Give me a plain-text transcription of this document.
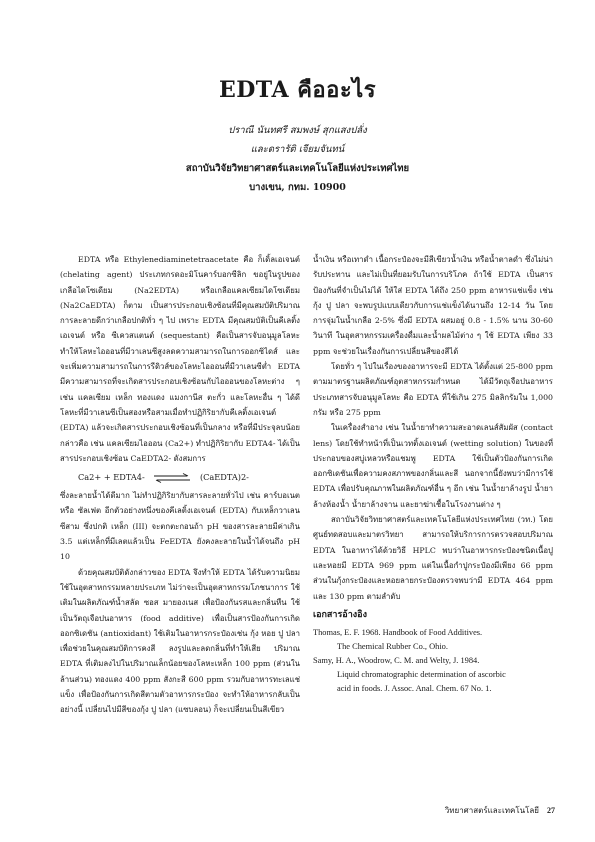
EDTA คืออะไร
ปราณี นันทศรี สมพงษ์ สุกแสงปลั่ง
และดรารัติ เจียมจันทน์
สถาบันวิจัยวิทยาศาสตร์และเทคโนโลยีแห่งประเทศไทย
บางเขน, กทม. 10900

EDTA หรือ Ethylenediaminetetraacetate คือ ก็เดิ้ลเอเจนต์ (chelating agent) ประเภทกรดอะมิโนคาร์บอกซีลิก ขอยู่ในรูปของเกลือไดโซเดียม (Na2EDTA) หรือเกลือแคลเซียมไดโซเดียม (Na2CaEDTA) ก็ตาม เป็นสารประกอบเชิงซ้อนที่มีคุณสมบัติปริมาณการละลายดีกว่าเกลือปกติทั่ว ๆ ไป เพราะ EDTA มีคุณสมบัติเป็นคีเลติ้งเอเจนต์ หรือ ซีเควสแตนต์ (sequestant) คือเป็นสารจับอนุมูลโลหะ ทำให้โลหะไอออนที่มีวาเลนซีสูงลดความสามารถในการออกซิไดส์ และจะเพิ่มความสามารถในการรีดิวส์ของโลหะไอออนที่มีวาเลนซีต่ำ EDTA มีความสามารถที่จะเกิดสารประกอบเชิงซ้อนกับไอออนของโลหะต่าง ๆ เช่น แคลเซียม เหล็ก ทองแดง แมงกานีส ตะกั่ว และโลหะอื่น ๆ ได้ดี โลหะที่มีวาเลนซีเป็นสองหรือสามเมื่อทำปฏิกิริยากับคีเลติ้งเอเจนต์ (EDTA) แล้วจะเกิดสารประกอบเชิงซ้อนที่เป็นกลาง หรือที่มีประจุลบน้อย กล่าวคือ เช่น แคลเซียมไอออน (Ca2+) ทำปฏิกิริยากับ EDTA4- ได้เป็นสารประกอบเชิงซ้อน CaEDTA2- ดังสมการ

Ca2+ + EDTA4-	(CaEDTA)2-

ซึ่งละลายน้ำได้ดีมาก ไม่ทำปฏิกิริยากับสารละลายทั่วไป เช่น คาร์บอเนต หรือ ซัลเฟต อีกตัวอย่างหนึ่งของคีเลติ้งเอเจนต์ (EDTA) กับเหล็กวาเลนซีสาม ซึ่งปกติ เหล็ก (III) จะตกตะกอนถ้า pH ของสารละลายมีค่าเกิน 3.5 แต่เหล็กที่มีเลตแล้วเป็น FeEDTA ยังคงละลายในน้ำได้จนถึง pH 10

ด้วยคุณสมบัติดังกล่าวของ EDTA จึงทำให้ EDTA ได้รับความนิยมใช้ในอุตสาหกรรมหลายประเภท ไม่ว่าจะเป็นอุตสาหกรรมโภชนาการ ใช้เติมในผลิตภัณฑ์น้ำสลัด ซอส มายองเนส เพื่อป้องกันรสและกลิ่นหืน ใช้เป็นวัตถุเจือปนอาหาร (food additive) เพื่อเป็นสารป้องกันการเกิดออกซิเดชัน (antioxidant) ใช้เติมในอาหารกระป๋องเช่น กุ้ง หอย ปู ปลา เพื่อช่วยในคุณสมบัติการคงสี ลงรูปและลดกลิ่นที่ทำให้เสีย ปริมาณ EDTA ที่เติมลงไปในปริมาณเล็กน้อยของโลหะเหล็ก 100 ppm (ส่วนในล้านส่วน) ทองแดง 400 ppm สังกะสี 600 ppm รวมกับอาหารทะเลแช่แข็ง เพื่อป้องกันการเกิดสีตามตัวอาหารกระป๋อง จะทำให้อาหารกลับเป็นอย่างนี้ เปลี่ยนไปมีสีของกุ้ง ปู ปลา (แซบลอน) ก็จะเปลี่ยนเป็นสีเขียว

น้ำเงิน หรือเทาดำ เนื้อกระป๋องจะมีสีเขียวน้ำเงิน หรือน้ำตาลดำ ซึ่งไม่น่ารับประทาน และไม่เป็นที่ยอมรับในการบริโภค ถ้าใช้ EDTA เป็นสารป้องกันที่จำเป็นไม่ได้ ให้ใส่ EDTA ได้ถึง 250 ppm อาหารแช่แข็ง เช่น กุ้ง ปู ปลา จะพบรูปแบบเดียวกับการแช่แข็งได้นานถึง 12-14 วัน โดยการจุ่มในน้ำเกลือ 2-5% ซึ่งมี EDTA ผสมอยู่ 0.8 - 1.5% นาน 30-60 วินาที ในอุตสาหกรรมเครื่องดื่มและน้ำผลไม้ต่าง ๆ ใช้ EDTA เพียง 33 ppm จะช่วยในเรื่องกันการเปลี่ยนสีของสีได้

โดยทั่ว ๆ ไปในเรื่องของอาหารจะมี EDTA ได้ตั้งแต่ 25-800 ppm ตามมาตรฐานผลิตภัณฑ์อุตสาหกรรมกำหนด ได้มีวัตถุเจือปนอาหารประเภทสารจับอนุมูลโลหะ คือ EDTA ที่ใช้เกิน 275 มิลลิกรัมใน 1,000 กรัม หรือ 275 ppm

ในเครื่องสำอาง เช่น ในน้ำยาทำความสะอาดเลนส์สัมผัส (contact lens) โดยใช้ทำหน้าที่เป็นเวทติ้งเอเจนต์ (wetting solution) ในของที่ประกอบของสบู่เหลวหรือแชมพู EDTA ใช้เป็นตัวป้องกันการเกิดออกซิเดชันเพื่อความคงสภาพของกลิ่นและสี นอกจากนี้ยังพบว่ามีการใช้ EDTA เพื่อปรับคุณภาพในผลิตภัณฑ์อื่น ๆ อีก เช่น ในน้ำยาล้างรูป น้ำยาล้างห้องน้ำ น้ำยาล้างจาน และยาฆ่าเชื้อในโรงงานต่าง ๆ

สถาบันวิจัยวิทยาศาสตร์และเทคโนโลยีแห่งประเทศไทย (วท.) โดยศูนย์ทดสอบและมาตรวิทยา สามารถให้บริการการตรวจสอบปริมาณ EDTA ในอาหารได้ด้วยวิธี HPLC พบว่าในอาหารกระป๋องชนิดเนื้อปูและหอยมี EDTA 969 ppm แต่ในเนื้อกำปูกระป๋องมีเพียง 66 ppm ส่วนในกุ้งกระป๋องและหอยลายกระป๋องตรวจพบว่ามี EDTA 464 ppm และ 130 ppm ตามลำดับ

เอกสารอ้างอิง

Thomas, E. F. 1968. Handbook of Food Additives.

The Chemical Rubber Co., Ohio.

Samy, H. A., Woodrow, C. M. and Welty, J. 1984.

Liquid chromatographic determination of ascorbic

acid in foods. J. Assoc. Anal. Chem. 67 No. 1.

วิทยาศาสตร์และเทคโนโลยี 27
